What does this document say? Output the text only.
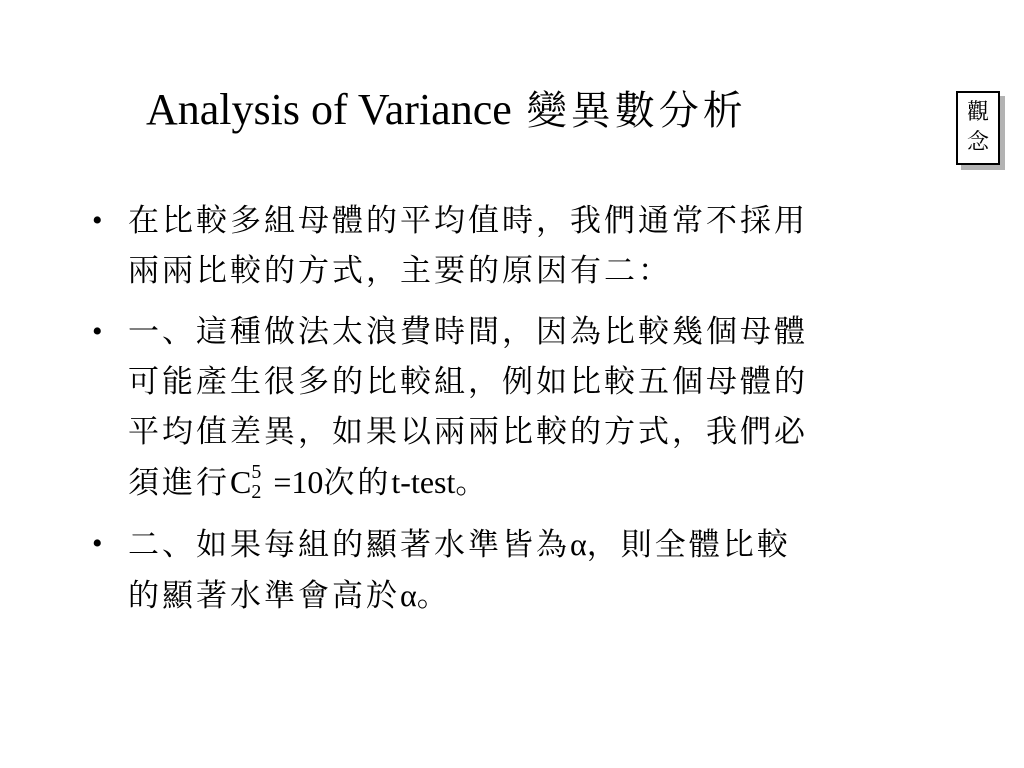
Analysis of Variance 變異數分析	觀
念
• 在比較多組母體的平均值時，我們通常不採用
兩兩比較的方式，主要的原因有二：
• 一、這種做法太浪費時間，因為比較幾個母體
可能產生很多的比較組，例如比較五個母體的
平均值差異，如果以兩兩比較的方式，我們必
須進行C 5
2 =10次的t-test。
• 二、如果每組的顯著水準皆為α，則全體比較
的顯著水準會高於α。
